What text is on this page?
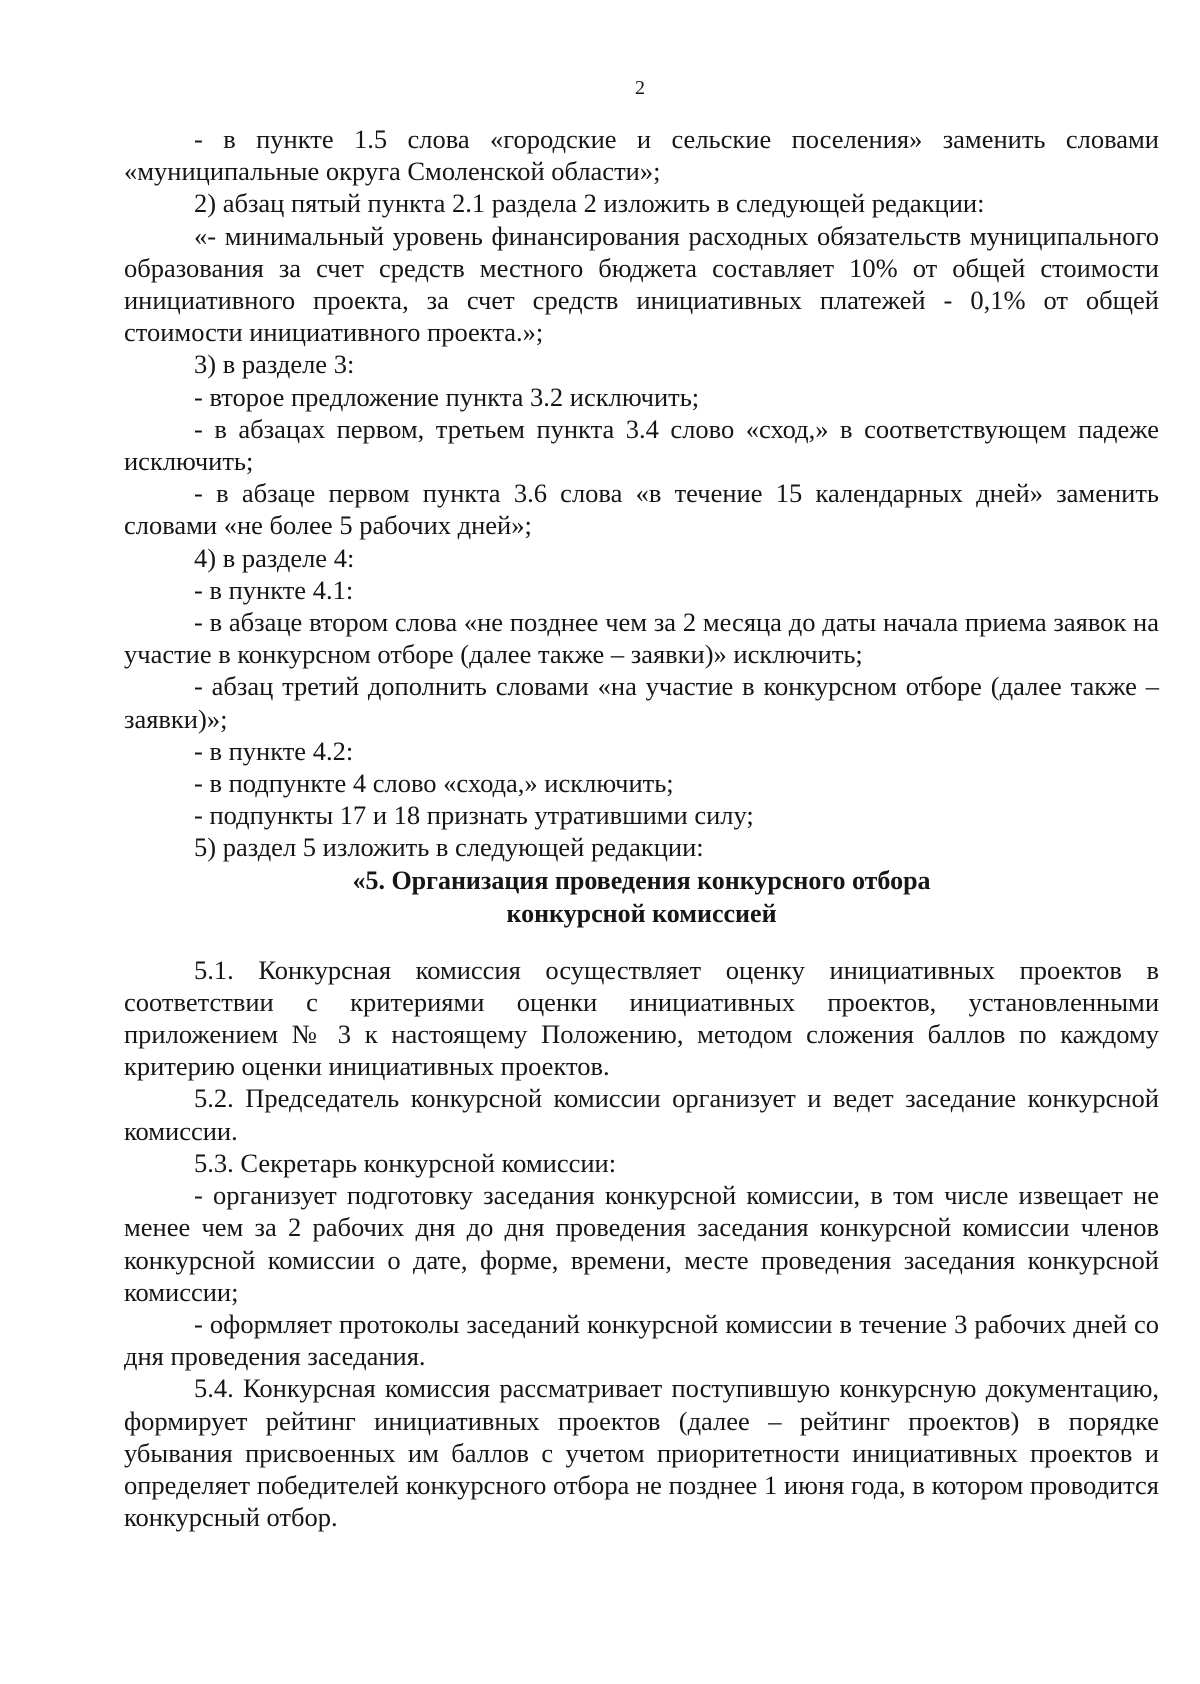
2

- в пункте 1.5 слова «городские и сельские поселения» заменить словами «муниципальные округа Смоленской области»;

2) абзац пятый пункта 2.1 раздела 2 изложить в следующей редакции:

«- минимальный уровень финансирования расходных обязательств муниципального образования за счет средств местного бюджета составляет 10% от общей стоимости инициативного проекта, за счет средств инициативных платежей - 0,1% от общей стоимости инициативного проекта.»;

3) в разделе 3:

- второе предложение пункта 3.2 исключить;

- в абзацах первом, третьем пункта 3.4 слово «сход,» в соответствующем падеже исключить;

- в абзаце первом пункта 3.6 слова «в течение 15 календарных дней» заменить словами «не более 5 рабочих дней»;

4) в разделе 4:

- в пункте 4.1:

- в абзаце втором слова «не позднее чем за 2 месяца до даты начала приема заявок на участие в конкурсном отборе (далее также – заявки)» исключить;

- абзац третий дополнить словами «на участие в конкурсном отборе (далее также – заявки)»;

- в пункте 4.2:

- в подпункте 4 слово «схода,» исключить;

- подпункты 17 и 18 признать утратившими силу;

5) раздел 5 изложить в следующей редакции:

«5. Организация проведения конкурсного отбора

конкурсной комиссией

5.1. Конкурсная комиссия осуществляет оценку инициативных проектов в соответствии с критериями оценки инициативных проектов, установленными приложением № 3 к настоящему Положению, методом сложения баллов по каждому критерию оценки инициативных проектов.

5.2. Председатель конкурсной комиссии организует и ведет заседание конкурсной комиссии.

5.3. Секретарь конкурсной комиссии:

- организует подготовку заседания конкурсной комиссии, в том числе извещает не менее чем за 2 рабочих дня до дня проведения заседания конкурсной комиссии членов конкурсной комиссии о дате, форме, времени, месте проведения заседания конкурсной комиссии;

- оформляет протоколы заседаний конкурсной комиссии в течение 3 рабочих дней со дня проведения заседания.

5.4. Конкурсная комиссия рассматривает поступившую конкурсную документацию, формирует рейтинг инициативных проектов (далее – рейтинг проектов) в порядке убывания присвоенных им баллов с учетом приоритетности инициативных проектов и определяет победителей конкурсного отбора не позднее 1 июня года, в котором проводится конкурсный отбор.
